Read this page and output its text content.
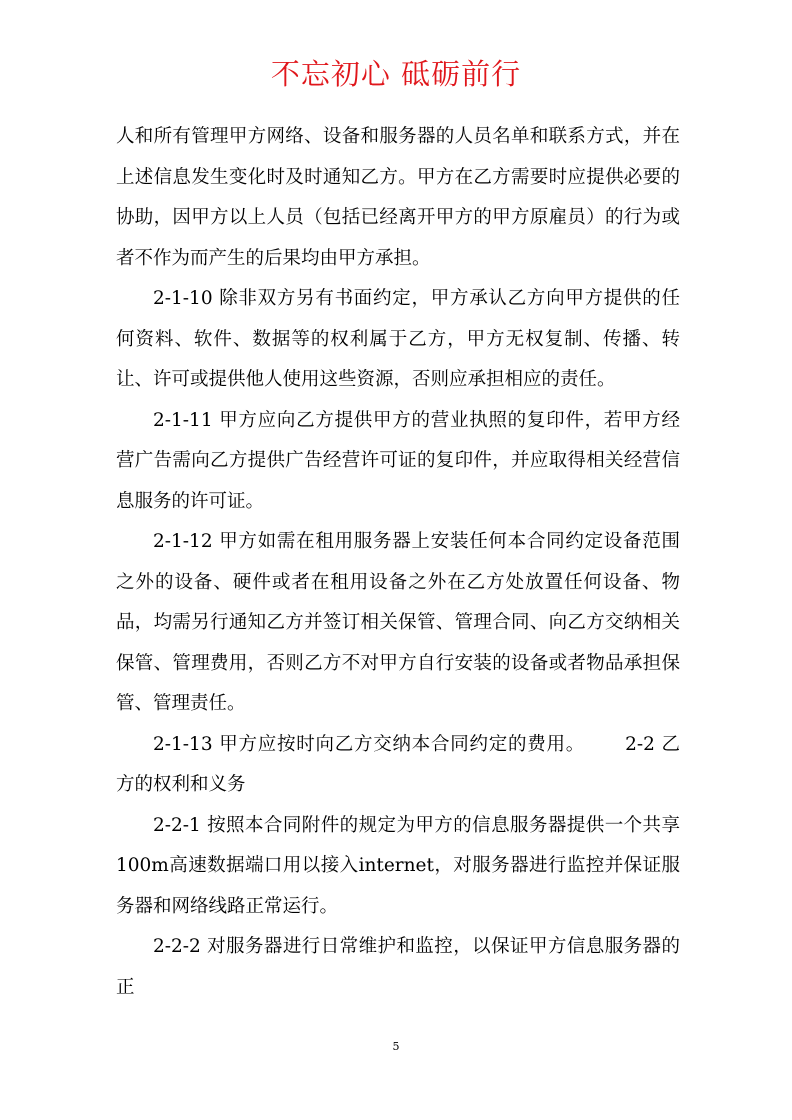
不忘初心 砥砺前行

人和所有管理甲方网络、设备和服务器的人员名单和联系方式，并在上述信息发生变化时及时通知乙方。甲方在乙方需要时应提供必要的协助，因甲方以上人员（包括已经离开甲方的甲方原雇员）的行为或者不作为而产生的后果均由甲方承担。

2-1-10 除非双方另有书面约定，甲方承认乙方向甲方提供的任何资料、软件、数据等的权利属于乙方，甲方无权复制、传播、转让、许可或提供他人使用这些资源，否则应承担相应的责任。

2-1-11 甲方应向乙方提供甲方的营业执照的复印件，若甲方经营广告需向乙方提供广告经营许可证的复印件，并应取得相关经营信息服务的许可证。

2-1-12 甲方如需在租用服务器上安装任何本合同约定设备范围之外的设备、硬件或者在租用设备之外在乙方处放置任何设备、物品，均需另行通知乙方并签订相关保管、管理合同、向乙方交纳相关保管、管理费用，否则乙方不对甲方自行安装的设备或者物品承担保管、管理责任。

2-1-13 甲方应按时向乙方交纳本合同约定的费用。 2-2 乙方的权利和义务

2-2-1 按照本合同附件的规定为甲方的信息服务器提供一个共享100m高速数据端口用以接入internet，对服务器进行监控并保证服务器和网络线路正常运行。

2-2-2 对服务器进行日常维护和监控，以保证甲方信息服务器的正

5
